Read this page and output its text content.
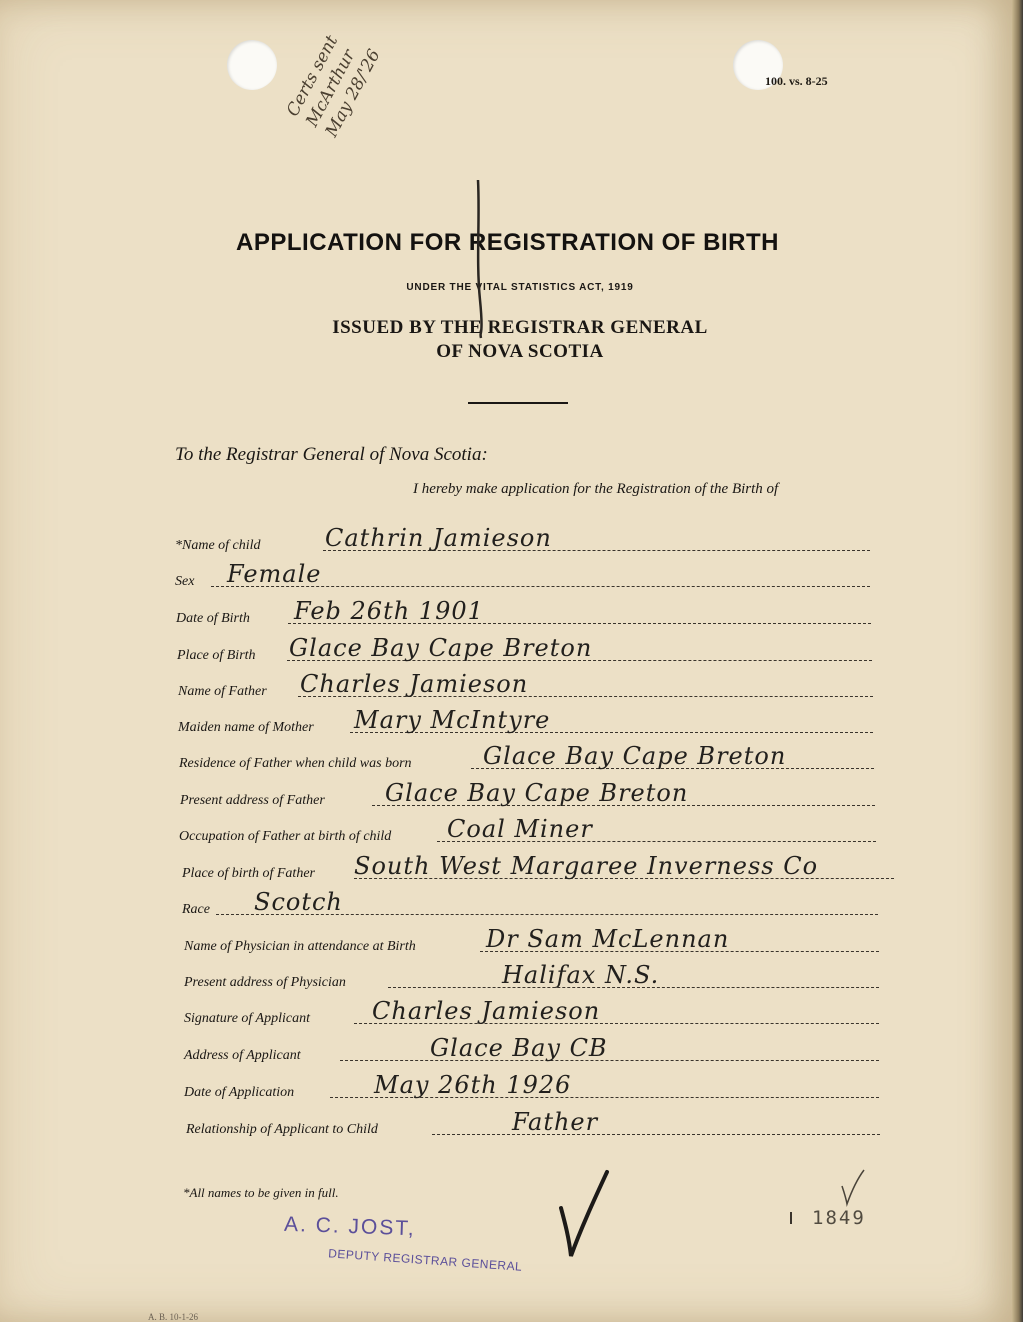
100. vs. 8-25
Certs sent
McArthur
May 28/'26
APPLICATION FOR REGISTRATION OF BIRTH
UNDER THE VITAL STATISTICS ACT, 1919
ISSUED BY THE REGISTRAR GENERAL
OF NOVA SCOTIA
To the Registrar General of Nova Scotia:
I hereby make application for the Registration of the Birth of
*Name of child	Cathrin Jamieson
Sex Female
Date of Birth Feb 26th 1901
Place of Birth Glace Bay Cape Breton
Name of Father Charles Jamieson
Maiden name of Mother Mary McIntyre
Residence of Father when child was born	Glace Bay Cape Breton
Present address of Father	Glace Bay Cape Breton
Occupation of Father at birth of child Coal Miner
Place of birth of Father South West Margaree Inverness Co
Race Scotch
Name of Physician in attendance at Birth	Dr Sam McLennan
Present address of Physician	Halifax N.S.
Signature of Applicant	Charles Jamieson
Address of Applicant	Glace Bay CB
Date of Application	May 26th 1926
Relationship of Applicant to Child	Father
*All names to be given in full.
1849
A. C. JOST,
DEPUTY REGISTRAR GENERAL
A. B. 10-1-26
